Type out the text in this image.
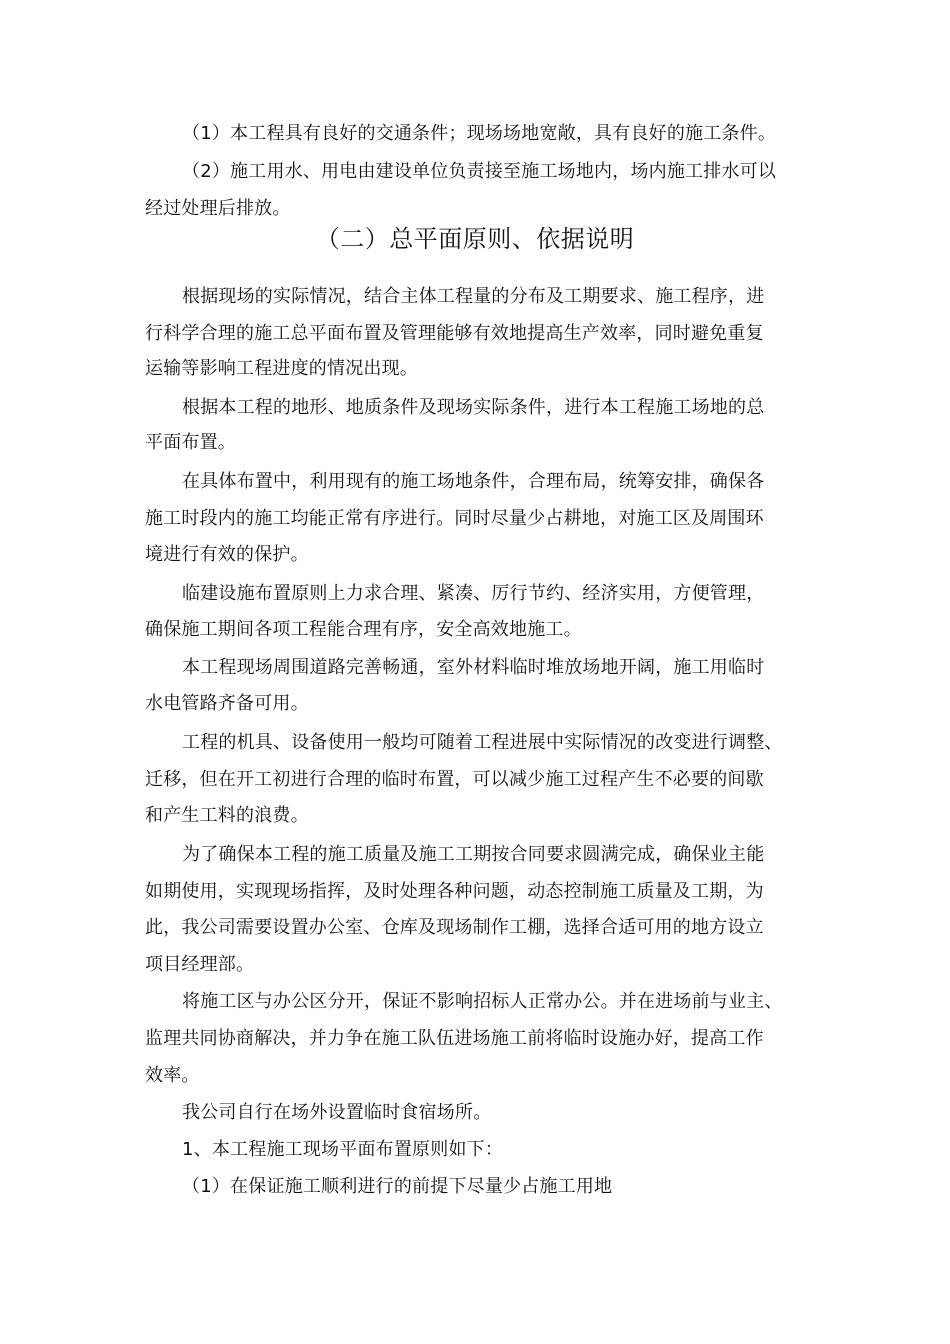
（1）本工程具有良好的交通条件；现场场地宽敞，具有良好的施工条件。
（2）施工用水、用电由建设单位负责接至施工场地内，场内施工排水可以
经过处理后排放。
（二）总平面原则、依据说明
根据现场的实际情况，结合主体工程量的分布及工期要求、施工程序，进
行科学合理的施工总平面布置及管理能够有效地提高生产效率，同时避免重复
运输等影响工程进度的情况出现。
根据本工程的地形、地质条件及现场实际条件，进行本工程施工场地的总
平面布置。
在具体布置中，利用现有的施工场地条件，合理布局，统筹安排，确保各
施工时段内的施工均能正常有序进行。同时尽量少占耕地，对施工区及周围环
境进行有效的保护。
临建设施布置原则上力求合理、紧凑、厉行节约、经济实用，方便管理，
确保施工期间各项工程能合理有序，安全高效地施工。
本工程现场周围道路完善畅通，室外材料临时堆放场地开阔，施工用临时
水电管路齐备可用。
工程的机具、设备使用一般均可随着工程进展中实际情况的改变进行调整、
迁移，但在开工初进行合理的临时布置，可以减少施工过程产生不必要的间歇
和产生工料的浪费。
为了确保本工程的施工质量及施工工期按合同要求圆满完成，确保业主能
如期使用，实现现场指挥，及时处理各种问题，动态控制施工质量及工期，为
此，我公司需要设置办公室、仓库及现场制作工棚，选择合适可用的地方设立
项目经理部。
将施工区与办公区分开，保证不影响招标人正常办公。并在进场前与业主、
监理共同协商解决，并力争在施工队伍进场施工前将临时设施办好，提高工作
效率。
我公司自行在场外设置临时食宿场所。
1、本工程施工现场平面布置原则如下：
（1）在保证施工顺利进行的前提下尽量少占施工用地
